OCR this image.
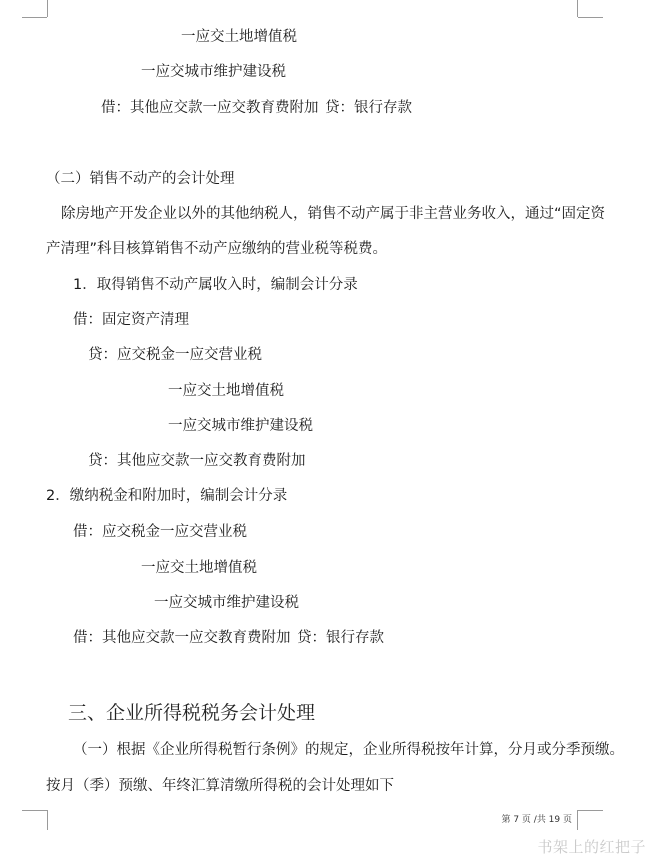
一应交土地增值税
一应交城市维护建设税
借：其他应交款一应交教育费附加 贷：银行存款
（二）销售不动产的会计处理
除房地产开发企业以外的其他纳税人，销售不动产属于非主营业务收入，通过“固定资
产清理”科目核算销售不动产应缴纳的营业税等税费。
1．取得销售不动产属收入时，编制会计分录
借：固定资产清理
贷：应交税金一应交营业税
一应交土地增值税
一应交城市维护建设税
贷：其他应交款一应交教育费附加
2．缴纳税金和附加时，编制会计分录
借：应交税金一应交营业税
一应交土地增值税
一应交城市维护建设税
借：其他应交款一应交教育费附加 贷：银行存款
三、企业所得税税务会计处理
（一）根据《企业所得税暂行条例》的规定，企业所得税按年计算，分月或分季预缴。
按月（季）预缴、年终汇算清缴所得税的会计处理如下
第 7 页 /共 19 页
书架上的红把子
